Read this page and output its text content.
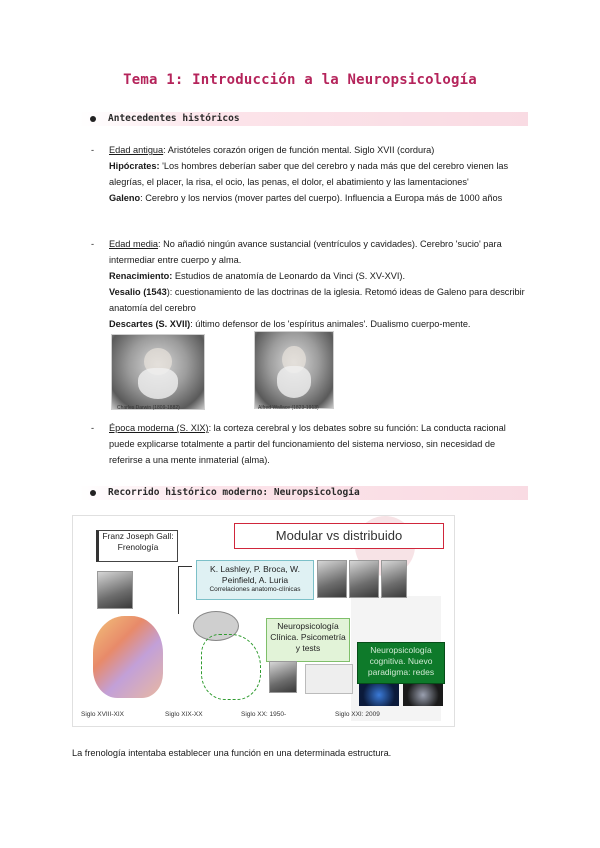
Tema 1: Introducción a la Neuropsicología
Antecedentes históricos
- Edad antigua: Aristóteles corazón origen de función mental. Siglo XVII (cordura)
Hipócrates: 'Los hombres deberían saber que del cerebro y nada más que del cerebro vienen las alegrías, el placer, la risa, el ocio, las penas, el dolor, el abatimiento y las lamentaciones'
Galeno: Cerebro y los nervios (mover partes del cuerpo). Influencia a Europa más de 1000 años
- Edad media: No añadió ningún avance sustancial (ventrículos y cavidades). Cerebro 'sucio' para intermediar entre cuerpo y alma.
Renacimiento: Estudios de anatomía de Leonardo da Vinci (S. XV-XVI).
Vesalio (1543): cuestionamiento de las doctrinas de la iglesia. Retomó ideas de Galeno para describir anatomía del cerebro
Descartes (S. XVII): último defensor de los 'espíritus animales'. Dualismo cuerpo-mente.
Charles Darwin (1809-1882)	Alfred Wallace (1823-1913)
- Época moderna (S. XIX): la corteza cerebral y los debates sobre su función: La conducta racional puede explicarse totalmente a partir del funcionamiento del sistema nervioso, sin necesidad de referirse a una mente inmaterial (alma).
Recorrido histórico moderno: Neuropsicología
Modular vs distribuido
Franz Joseph Gall: Frenología
K. Lashley, P. Broca, W. Peinfield, A. Luria
Correlaciones anatomo-clínicas
Neuropsicología Clínica. Psicometría y tests	Neuropsicología cognitiva. Nuevo paradigma: redes
Siglo XVIII-XIX	Siglo XIX-XX	Siglo XX: 1950-	Siglo XXI: 2009
La frenología intentaba establecer una función en una determinada estructura.
